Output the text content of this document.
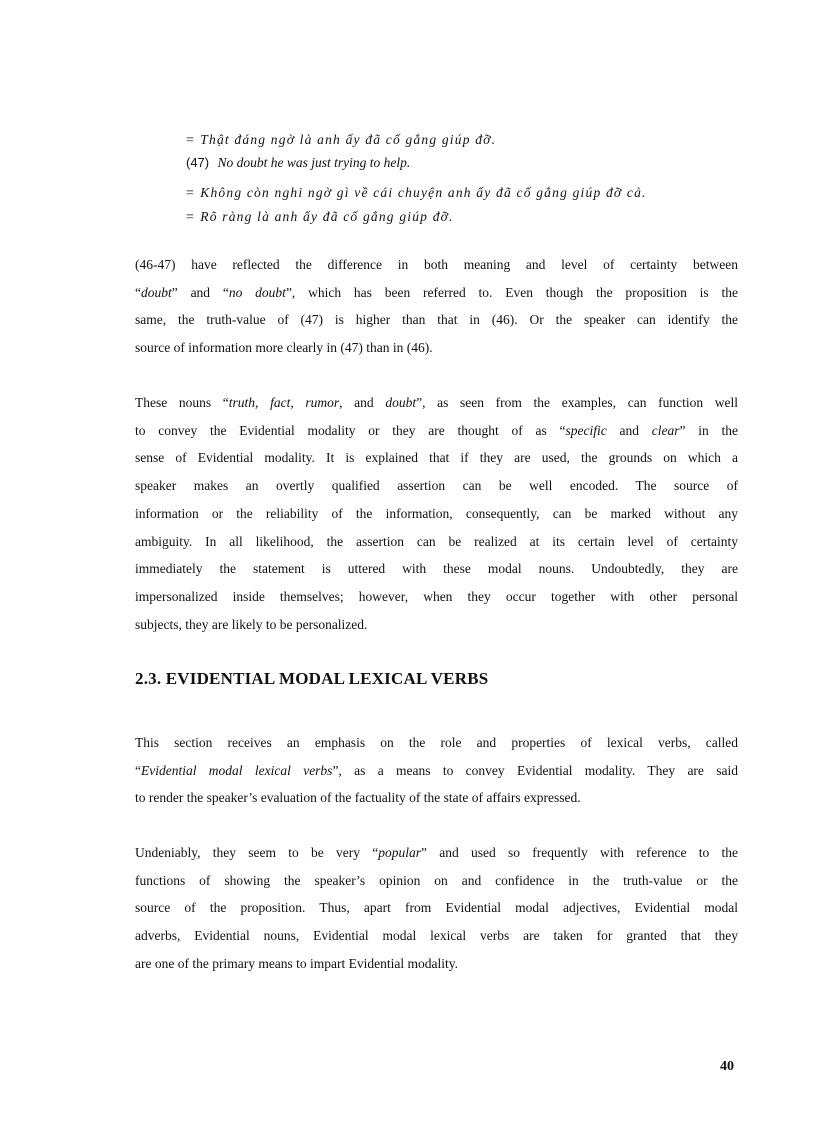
= Thật đáng ngờ là anh ấy đã cố gắng giúp đỡ.
(47) No doubt he was just trying to help.
= Không còn nghi ngờ gì về cái chuyện anh ấy đã cố gắng giúp đỡ cả.
= Rõ ràng là anh ấy đã cố gắng giúp đỡ.
(46-47) have reflected the difference in both meaning and level of certainty between
“doubt” and “no doubt”, which has been referred to. Even though the proposition is the
same, the truth-value of (47) is higher than that in (46). Or the speaker can identify the
source of information more clearly in (47) than in (46).
These nouns “truth, fact, rumor, and doubt”, as seen from the examples, can function well
to convey the Evidential modality or they are thought of as “specific and clear” in the
sense of Evidential modality. It is explained that if they are used, the grounds on which a
speaker makes an overtly qualified assertion can be well encoded. The source of
information or the reliability of the information, consequently, can be marked without any
ambiguity. In all likelihood, the assertion can be realized at its certain level of certainty
immediately the statement is uttered with these modal nouns. Undoubtedly, they are
impersonalized inside themselves; however, when they occur together with other personal
subjects, they are likely to be personalized.
2.3. EVIDENTIAL MODAL LEXICAL VERBS
This section receives an emphasis on the role and properties of lexical verbs, called
“Evidential modal lexical verbs”, as a means to convey Evidential modality. They are said
to render the speaker’s evaluation of the factuality of the state of affairs expressed.
Undeniably, they seem to be very “popular” and used so frequently with reference to the
functions of showing the speaker’s opinion on and confidence in the truth-value or the
source of the proposition. Thus, apart from Evidential modal adjectives, Evidential modal
adverbs, Evidential nouns, Evidential modal lexical verbs are taken for granted that they
are one of the primary means to impart Evidential modality.
40
